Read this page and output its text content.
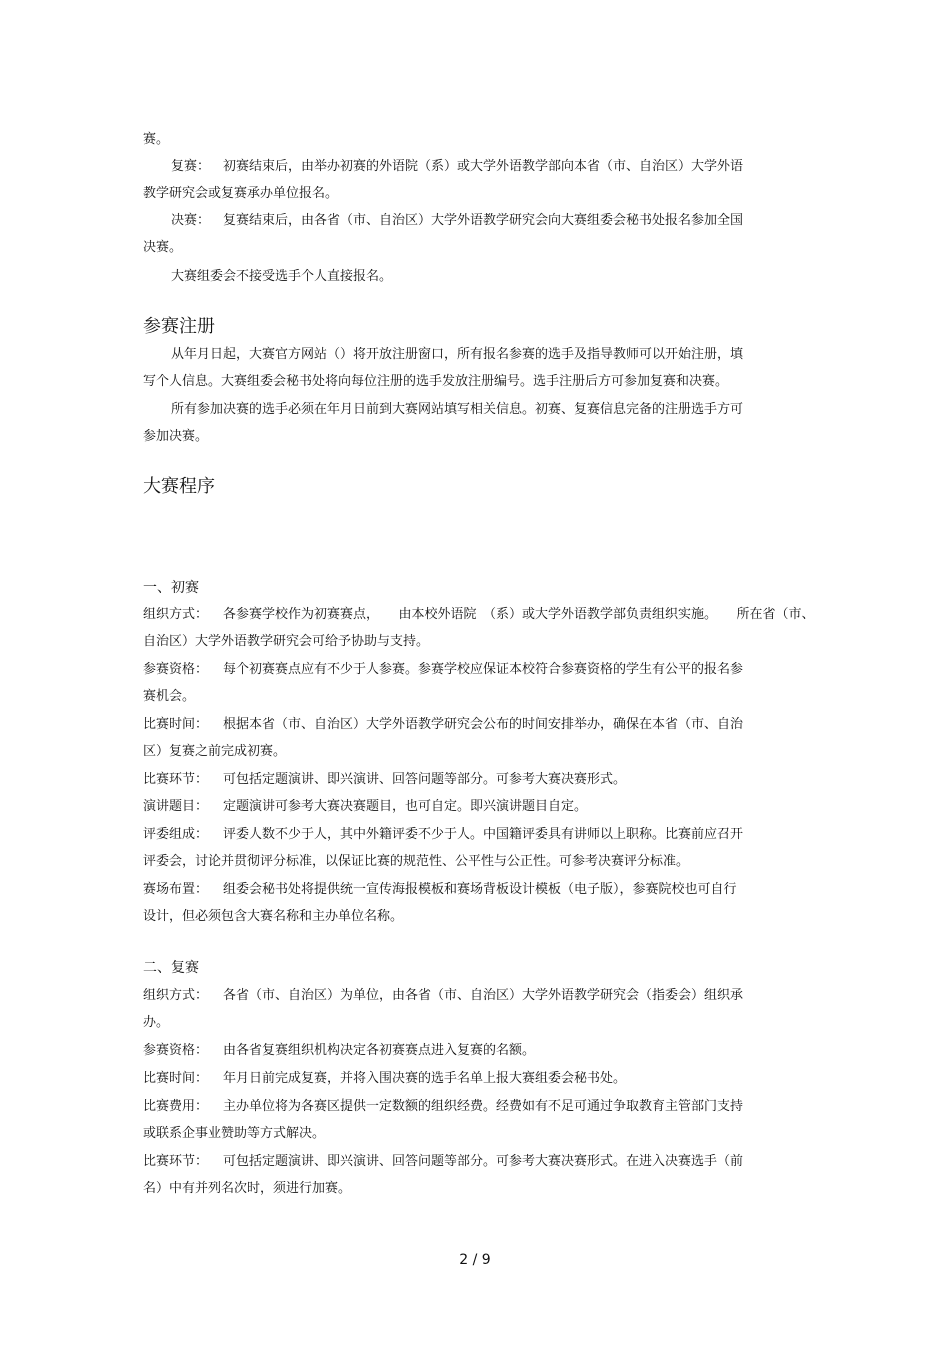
赛。
复赛： 初赛结束后，由举办初赛的外语院（系）或大学外语教学部向本省（市、自治区）大学外语
教学研究会或复赛承办单位报名。
决赛： 复赛结束后，由各省（市、自治区）大学外语教学研究会向大赛组委会秘书处报名参加全国
决赛。
大赛组委会不接受选手个人直接报名。
参赛注册
从年月日起，大赛官方网站（）将开放注册窗口，所有报名参赛的选手及指导教师可以开始注册，填
写个人信息。大赛组委会秘书处将向每位注册的选手发放注册编号。选手注册后方可参加复赛和决赛。
所有参加决赛的选手必须在年月日前到大赛网站填写相关信息。初赛、复赛信息完备的注册选手方可
参加决赛。
大赛程序
一、初赛
组织方式： 各参赛学校作为初赛赛点，　　由本校外语院　（系）或大学外语教学部负责组织实施。　　所在省（市、
自治区）大学外语教学研究会可给予协助与支持。
参赛资格： 每个初赛赛点应有不少于人参赛。参赛学校应保证本校符合参赛资格的学生有公平的报名参
赛机会。
比赛时间： 根据本省（市、自治区）大学外语教学研究会公布的时间安排举办，确保在本省（市、自治
区）复赛之前完成初赛。
比赛环节： 可包括定题演讲、即兴演讲、回答问题等部分。可参考大赛决赛形式。
演讲题目： 定题演讲可参考大赛决赛题目，也可自定。即兴演讲题目自定。
评委组成： 评委人数不少于人，其中外籍评委不少于人。中国籍评委具有讲师以上职称。比赛前应召开
评委会，讨论并贯彻评分标准，以保证比赛的规范性、公平性与公正性。可参考决赛评分标准。
赛场布置： 组委会秘书处将提供统一宣传海报模板和赛场背板设计模板（电子版），参赛院校也可自行
设计，但必须包含大赛名称和主办单位名称。
二、复赛
组织方式： 各省（市、自治区）为单位，由各省（市、自治区）大学外语教学研究会（指委会）组织承
办。
参赛资格： 由各省复赛组织机构决定各初赛赛点进入复赛的名额。
比赛时间： 年月日前完成复赛，并将入围决赛的选手名单上报大赛组委会秘书处。
比赛费用： 主办单位将为各赛区提供一定数额的组织经费。经费如有不足可通过争取教育主管部门支持
或联系企事业赞助等方式解决。
比赛环节： 可包括定题演讲、即兴演讲、回答问题等部分。可参考大赛决赛形式。在进入决赛选手（前
名）中有并列名次时，须进行加赛。
2 / 9
